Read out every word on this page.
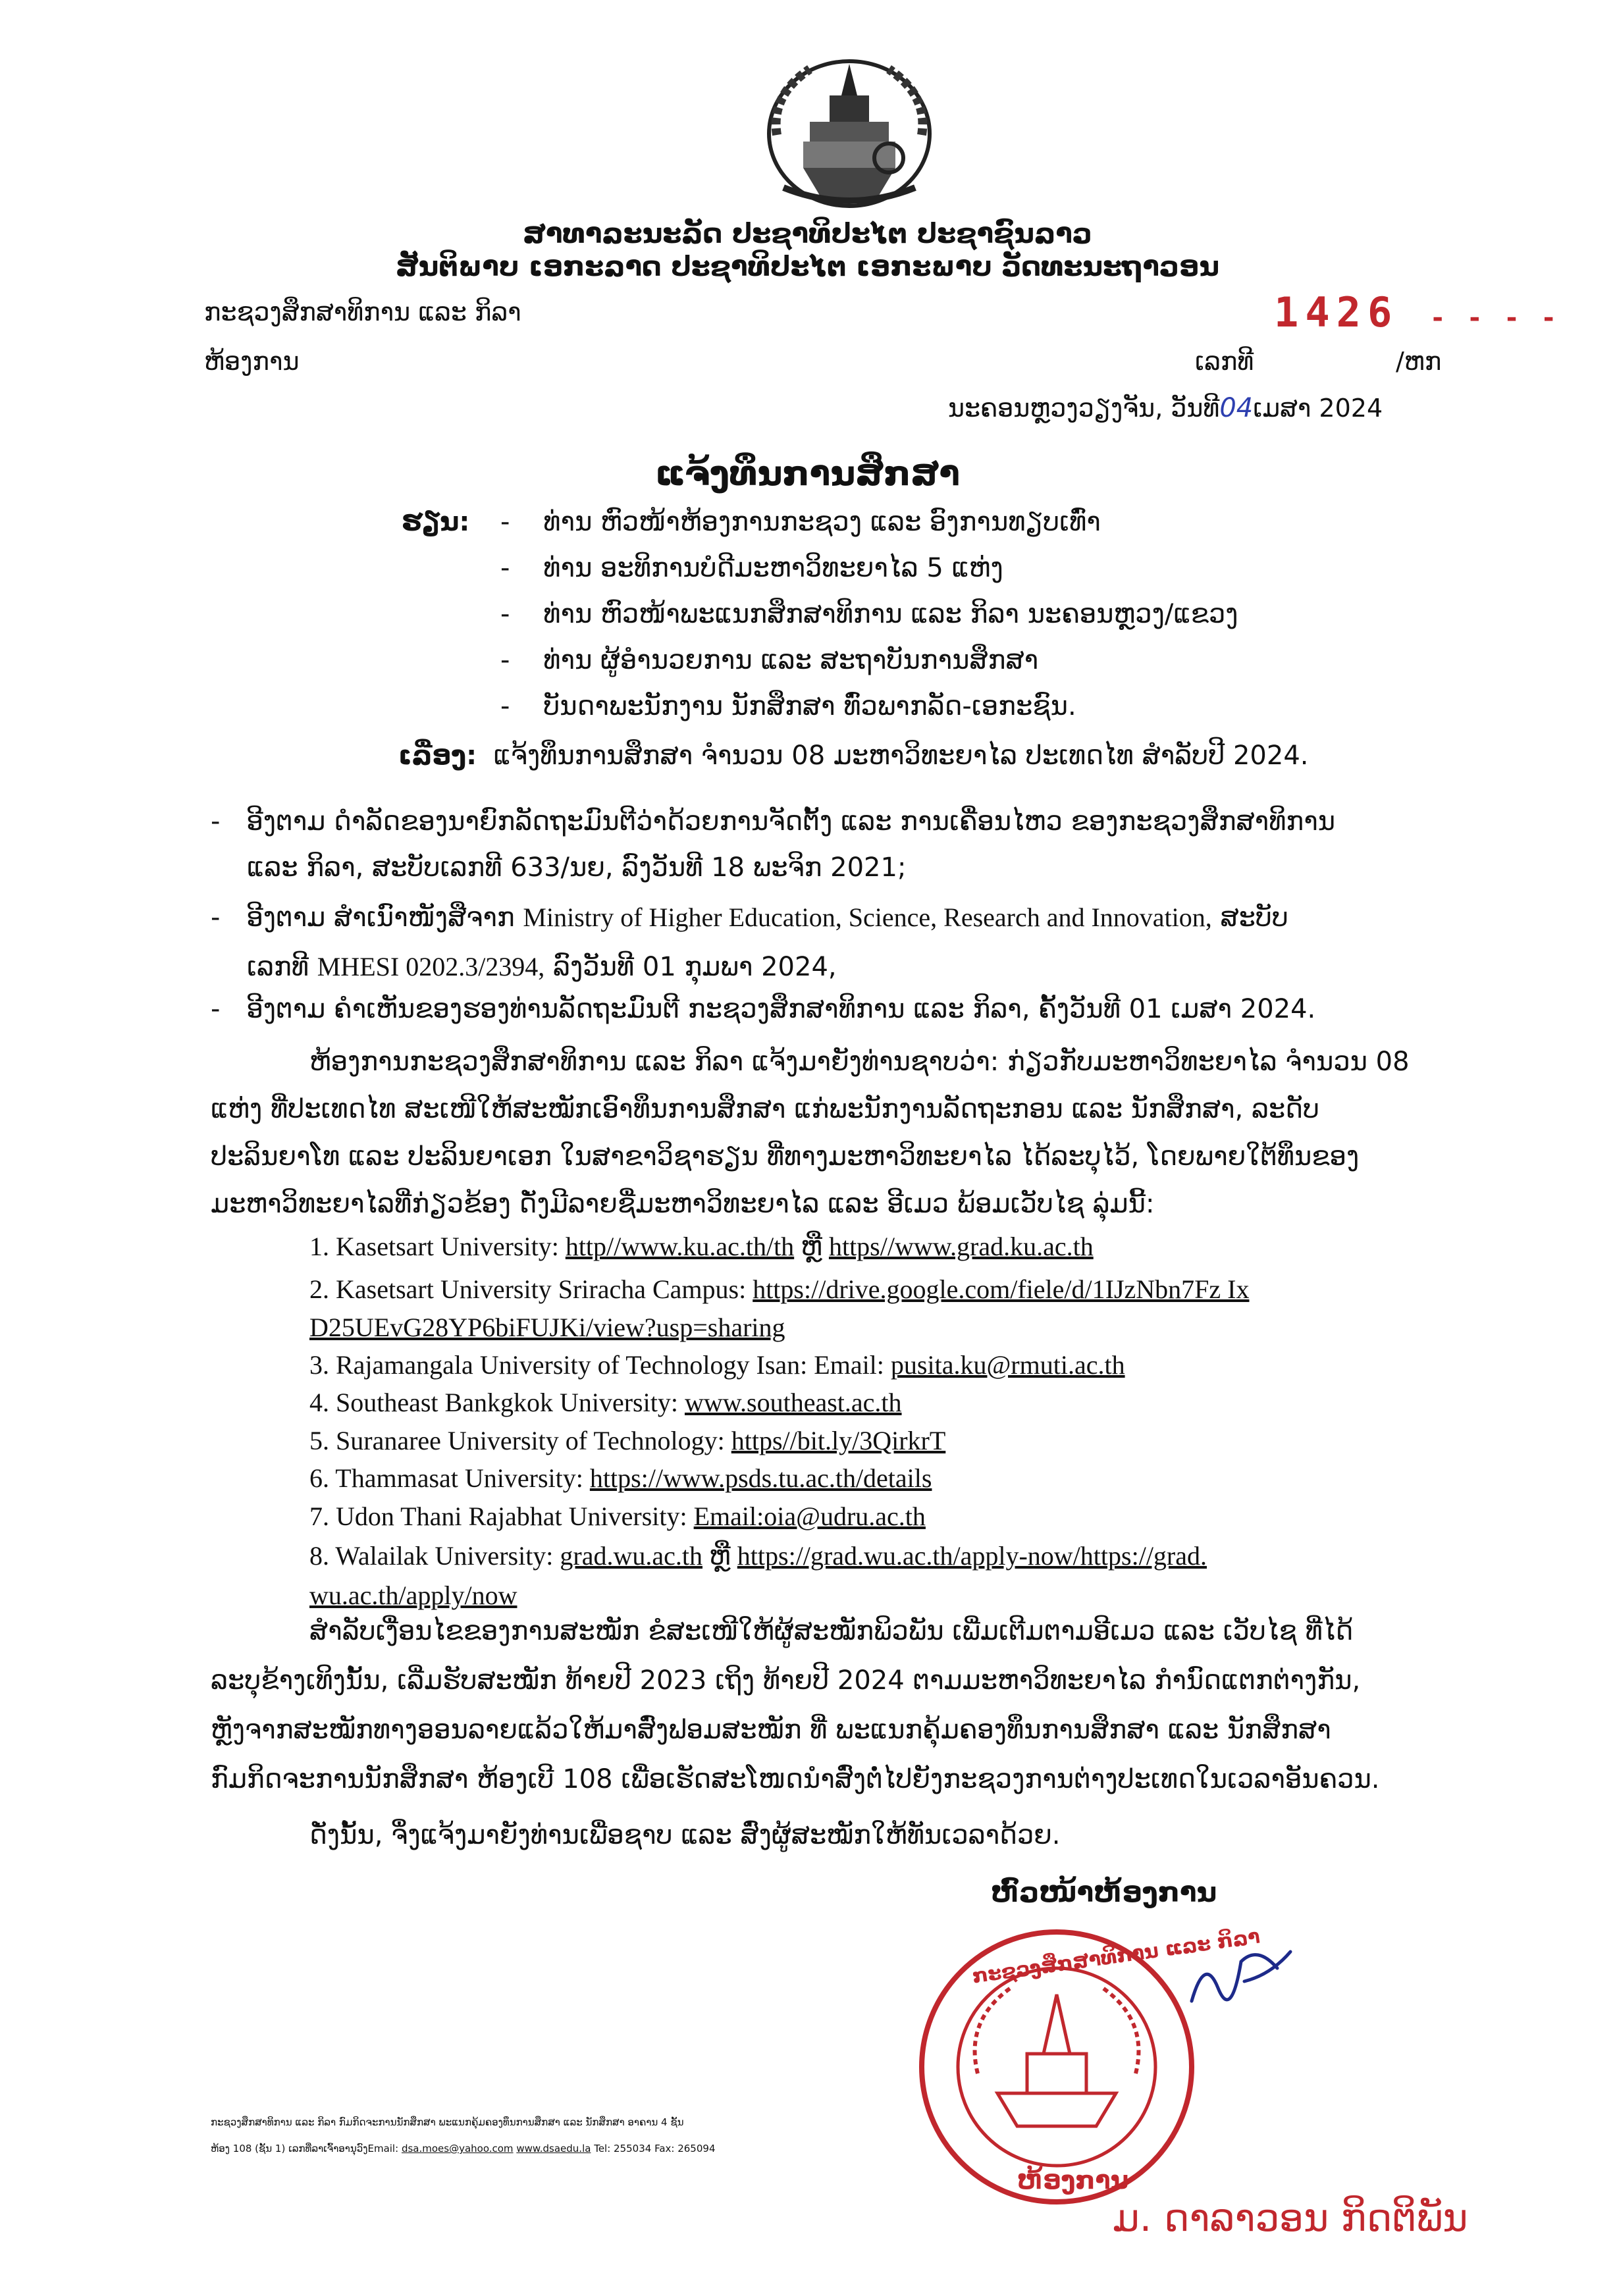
ສາທາລະນະລັດ ປະຊາທິປະໄຕ ປະຊາຊົນລາວ
ສັນຕິພາບ ເອກະລາດ ປະຊາທິປະໄຕ ເອກະພາບ ວັດທະນະຖາວອນ
ກະຊວງສຶກສາທິການ ແລະ ກິລາ	1426 - - - -
ຫ້ອງການ	ເລກທີ	/ຫກ
ນະຄອນຫຼວງວຽງຈັນ, ວັນທີ04ເມສາ 2024
ແຈ້ງທຶນການສຶກສາ
ຮຽນ: -    ທ່ານ ຫົວໜ້າຫ້ອງການກະຊວງ ແລະ ອົງການທຽບເທົ່າ
-    ທ່ານ ອະທິການບໍດີມະຫາວິທະຍາໄລ 5 ແຫ່ງ
-    ທ່ານ ຫົວໜ້າພະແນກສຶກສາທິການ ແລະ ກິລາ ນະຄອນຫຼວງ/ແຂວງ
-    ທ່ານ ຜູ້ອຳນວຍການ ແລະ ສະຖາບັນການສຶກສາ
-    ບັນດາພະນັກງານ ນັກສຶກສາ ທົ່ວພາກລັດ-ເອກະຊົນ.
ເລື່ອງ: ແຈ້ງທຶນການສຶກສາ ຈຳນວນ 08 ມະຫາວິທະຍາໄລ ປະເທດໄທ ສຳລັບປີ 2024.
- ອີງຕາມ ດຳລັດຂອງນາຍົກລັດຖະມົນຕີວ່າດ້ວຍການຈັດຕັ້ງ ແລະ ການເຄື່ອນໄຫວ ຂອງກະຊວງສຶກສາທິການ
ແລະ ກິລາ, ສະບັບເລກທີ 633/ນຍ, ລົງວັນທີ 18 ພະຈິກ 2021;
- ອີງຕາມ ສຳເນົາໜັງສືຈາກ Ministry of Higher Education, Science, Research and Innovation, ສະບັບ
ເລກທີ MHESI 0202.3/2394, ລົງວັນທີ 01 ກຸມພາ 2024,
- ອີງຕາມ ຄຳເຫັນຂອງຮອງທ່ານລັດຖະມົນຕີ ກະຊວງສຶກສາທິການ ແລະ ກິລາ, ຄັ້ງວັນທີ 01 ເມສາ 2024.
ຫ້ອງການກະຊວງສຶກສາທິການ ແລະ ກິລາ ແຈ້ງມາຍັງທ່ານຊາບວ່າ: ກ່ຽວກັບມະຫາວິທະຍາໄລ ຈຳນວນ 08
ແຫ່ງ ທີ່ປະເທດໄທ ສະເໜີໃຫ້ສະໝັກເອົາທຶນການສຶກສາ ແກ່ພະນັກງານລັດຖະກອນ ແລະ ນັກສຶກສາ, ລະດັບ
ປະລິນຍາໂທ ແລະ ປະລິນຍາເອກ ໃນສາຂາວິຊາຮຽນ ທີ່ທາງມະຫາວິທະຍາໄລ ໄດ້ລະບຸໄວ້, ໂດຍພາຍໃຕ້ທຶນຂອງ
ມະຫາວິທະຍາໄລທີ່ກ່ຽວຂ້ອງ ດັ່ງມີລາຍຊື່ມະຫາວິທະຍາໄລ ແລະ ອີເມວ ພ້ອມເວັບໄຊ ລຸ່ມນີ້:
1. Kasetsart University: http//www.ku.ac.th/th ຫຼື https//www.grad.ku.ac.th
2. Kasetsart University Sriracha Campus: https://drive.google.com/fiele/d/1IJzNbn7Fz Ix
D25UEvG28YP6biFUJKi/view?usp=sharing
3. Rajamangala University of Technology Isan: Email: pusita.ku@rmuti.ac.th
4. Southeast Bankgkok University: www.southeast.ac.th
5. Suranaree University of Technology: https//bit.ly/3QirkrT
6. Thammasat University: https://www.psds.tu.ac.th/details
7. Udon Thani Rajabhat University: Email:oia@udru.ac.th
8. Walailak University: grad.wu.ac.th ຫຼື https://grad.wu.ac.th/apply-now/https://grad.
wu.ac.th/apply/now
ສຳລັບເງື່ອນໄຂຂອງການສະໝັກ ຂໍສະເໜີໃຫ້ຜູ້ສະໝັກພິວພັນ ເພີ່ມເຕີມຕາມອີເມວ ແລະ ເວັບໄຊ ທີ່ໄດ້
ລະບຸຂ້າງເທິງນັ້ນ, ເລີ່ມຮັບສະໝັກ ທ້າຍປີ 2023 ເຖິງ ທ້າຍປີ 2024 ຕາມມະຫາວິທະຍາໄລ ກຳນົດແຕກຕ່າງກັນ,
ຫຼັງຈາກສະໝັກທາງອອນລາຍແລ້ວໃຫ້ມາສົ່ງຟອມສະໝັກ ທີ່ ພະແນກຄຸ້ມຄອງທຶນການສຶກສາ ແລະ ນັກສຶກສາ
ກົມກິດຈະການນັກສຶກສາ ຫ້ອງເບີ 108 ເພື່ອເຮັດສະໂໜດນຳສົ່ງຕໍ່ໄປຍັງກະຊວງການຕ່າງປະເທດໃນເວລາອັນຄວນ.
ດັ່ງນັ້ນ, ຈຶ່ງແຈ້ງມາຍັງທ່ານເພື່ອຊາບ ແລະ ສົ່ງຜູ້ສະໝັກໃຫ້ທັນເວລາດ້ວຍ.
ຫົວໜ້າຫ້ອງການ
ກະຊວງສຶກສາທິການ ແລະ ກິລາ
ຫ້ອງການ
ມ. ດາລາວອນ ກິດຕິພັນ
ກະຊວງສຶກສາທິການ ແລະ ກິລາ ກົມກິດຈະການນັກສຶກສາ ພະແນກຄຸ້ມຄອງທຶນການສຶກສາ ແລະ ນັກສຶກສາ ອາຄານ 4 ຊັ້ນ
ຫ້ອງ 108 (ຊັ້ນ 1) ເລກທີ່ລາເຈົ້າອານຸວົງEmail: dsa.moes@yahoo.com www.dsaedu.la Tel: 255034 Fax: 265094
